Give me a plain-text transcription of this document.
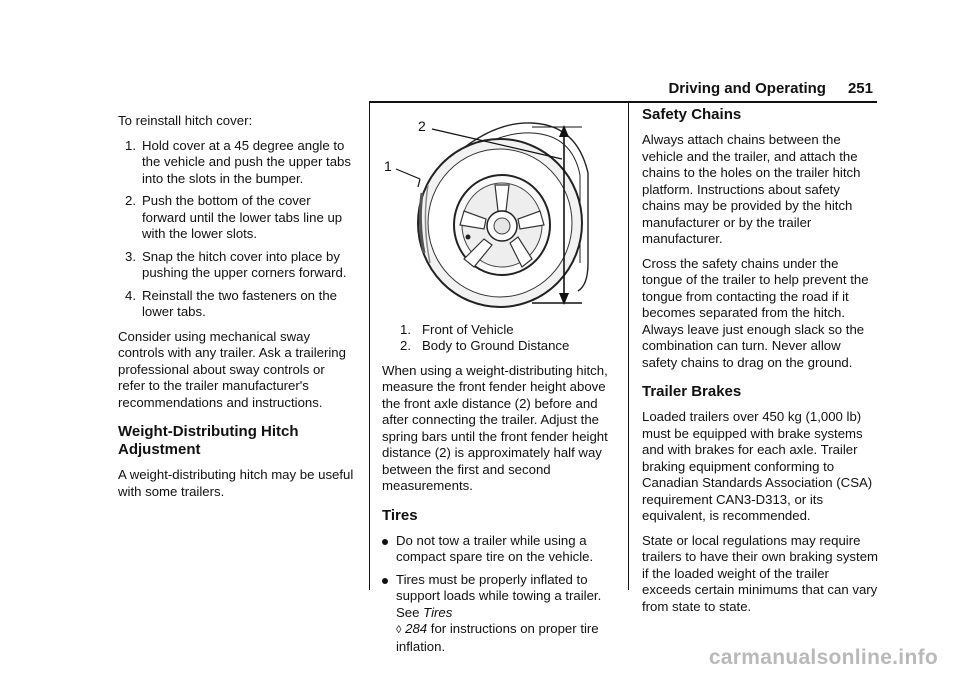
Driving and Operating 251

To reinstall hitch cover:

1. Hold cover at a 45 degree angle to the vehicle and push the upper tabs into the slots in the bumper.
2. Push the bottom of the cover forward until the lower tabs line up with the lower slots.
3. Snap the hitch cover into place by pushing the upper corners forward.
4. Reinstall the two fasteners on the lower tabs.

Consider using mechanical sway controls with any trailer. Ask a trailering professional about sway controls or refer to the trailer manufacturer's recommendations and instructions.

Weight-Distributing Hitch Adjustment

A weight-distributing hitch may be useful with some trailers.

2
1
1. Front of Vehicle
2. Body to Ground Distance

When using a weight-distributing hitch, measure the front fender height above the front axle distance (2) before and after connecting the trailer. Adjust the spring bars until the front fender height distance (2) is approximately half way between the first and second measurements.

Tires
Do not tow a trailer while using a compact spare tire on the vehicle.
Tires must be properly inflated to support loads while towing a trailer. See Tires
◊ 284 for instructions on proper tire inflation.
Safety Chains

Always attach chains between the vehicle and the trailer, and attach the chains to the holes on the trailer hitch platform. Instructions about safety chains may be provided by the hitch manufacturer or by the trailer manufacturer.

Cross the safety chains under the tongue of the trailer to help prevent the tongue from contacting the road if it becomes separated from the hitch. Always leave just enough slack so the combination can turn. Never allow safety chains to drag on the ground.

Trailer Brakes

Loaded trailers over 450 kg (1,000 lb) must be equipped with brake systems and with brakes for each axle. Trailer braking equipment conforming to Canadian Standards Association (CSA) requirement CAN3-D313, or its equivalent, is recommended.

State or local regulations may require trailers to have their own braking system if the loaded weight of the trailer exceeds certain minimums that can vary from state to state.

carmanualsonline.info
